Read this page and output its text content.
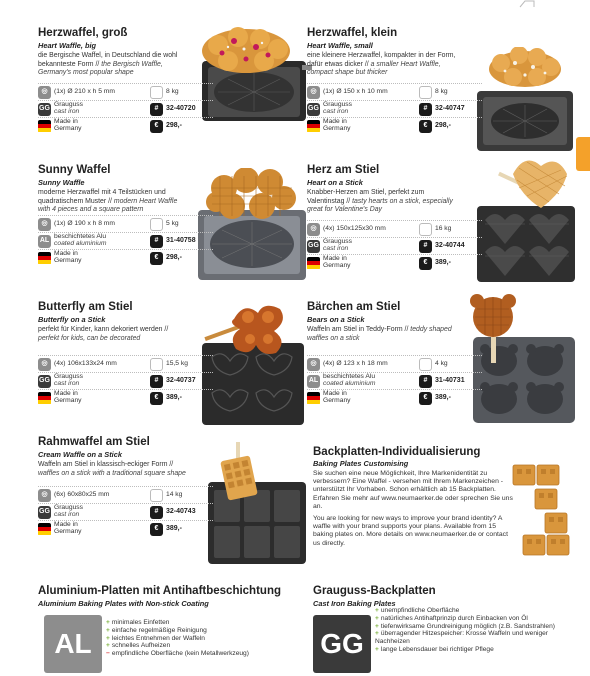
Herzwaffel, groß
Heart Waffle, big
die Bergische Waffel, in Deutschland die wohl bekannteste Form // the Bergisch Waffle, Germany's most popular shape
◎ (1x) Ø 210 x h 5 mm	⚖ 8 kg
GG Grauguss
cast iron	#	32-40720
Made in
Germany	€	298,-
Herzwaffel, klein
Heart Waffle, small
eine kleinere Herzwaffel, kompakter in der Form, dafür etwas dicker // a smaller Heart Waffle, compact shape but thicker
◎ (1x) Ø 150 x h 10 mm	⚖ 8 kg
GG Grauguss
cast iron	#	32-40747
Made in
Germany	€	298,-
Sunny Waffel
Sunny Waffle
moderne Herzwaffel mit 4 Teilstücken und quadratischem Muster // modern Heart Waffle with 4 pieces and a square pattern
◎ (1x) Ø 190 x h 8 mm	⚖ 5 kg
AL beschichtetes Alu
coated aluminium	#	31-40758
Made in
Germany	€	298,-
Herz am Stiel
Heart on a Stick
Knabber-Herzen am Stiel, perfekt zum Valentinstag // tasty hearts on a stick, especially great for Valentine's Day
◎ (4x) 150x125x30 mm	⚖ 16 kg
GG Grauguss
cast iron	#	32-40744
Made in
Germany	€	389,-
Butterfly am Stiel
Butterfly on a Stick
perfekt für Kinder, kann dekoriert werden // perfekt for kids, can be decorated
◎ (4x) 106x133x24 mm	⚖ 15,5 kg
GG Grauguss
cast iron	#	32-40737
Made in
Germany	€	389,-
Bärchen am Stiel
Bears on a Stick
Waffeln am Stiel in Teddy-Form // teddy shaped waffles on a stick
◎ (4x) Ø 123 x h 18 mm	⚖ 4 kg
AL beschichtetes Alu
coated aluminium	#	31-40731
Made in
Germany	€	389,-
Rahmwaffel am Stiel
Cream Waffle on a Stick
Waffeln am Stiel in klassisch-eckiger Form // waffles on a stick with a traditional square shape
◎ (6x) 60x80x25 mm	⚖ 14 kg
GG Grauguss
cast iron	#	32-40743
Made in
Germany	€	389,-
Backplatten-Individualisierung
Baking Plates Customising
Sie suchen eine neue Möglichkeit, Ihre Markenidentität zu verbessern? Eine Waffel - versehen mit Ihrem Markenzeichen - unterstützt Ihr Vorhaben. Schon erhältlich ab 15 Backplatten. Erfahren Sie mehr auf www.neumaerker.de oder sprechen Sie uns an.
You are looking for new ways to improve your brand identity? A waffle with your brand supports your plans. Available from 15 baking plates on. More details on www.neumaerker.de or contact us directly.
Aluminium-Platten mit Antihaftbeschichtung
Aluminium Baking Plates with Non-stick Coating
AL
+ minimales Einfetten
+ einfache regelmäßige Reinigung
+ leichtes Entnehmen der Waffeln
+ schnelles Aufheizen
− empfindliche Oberfläche (kein Metallwerkzeug)
Grauguss-Backplatten
Cast Iron Baking Plates
GG
+ unempfindliche Oberfläche
+ natürliches Antihaftprinzip durch Einbacken von Öl
+ tiefenwirksame Grundreinigung möglich (z.B. Sandstrahlen)
+ überragender Hitzespeicher: Krosse Waffeln und weniger Nachheizen
+ lange Lebensdauer bei richtiger Pflege
